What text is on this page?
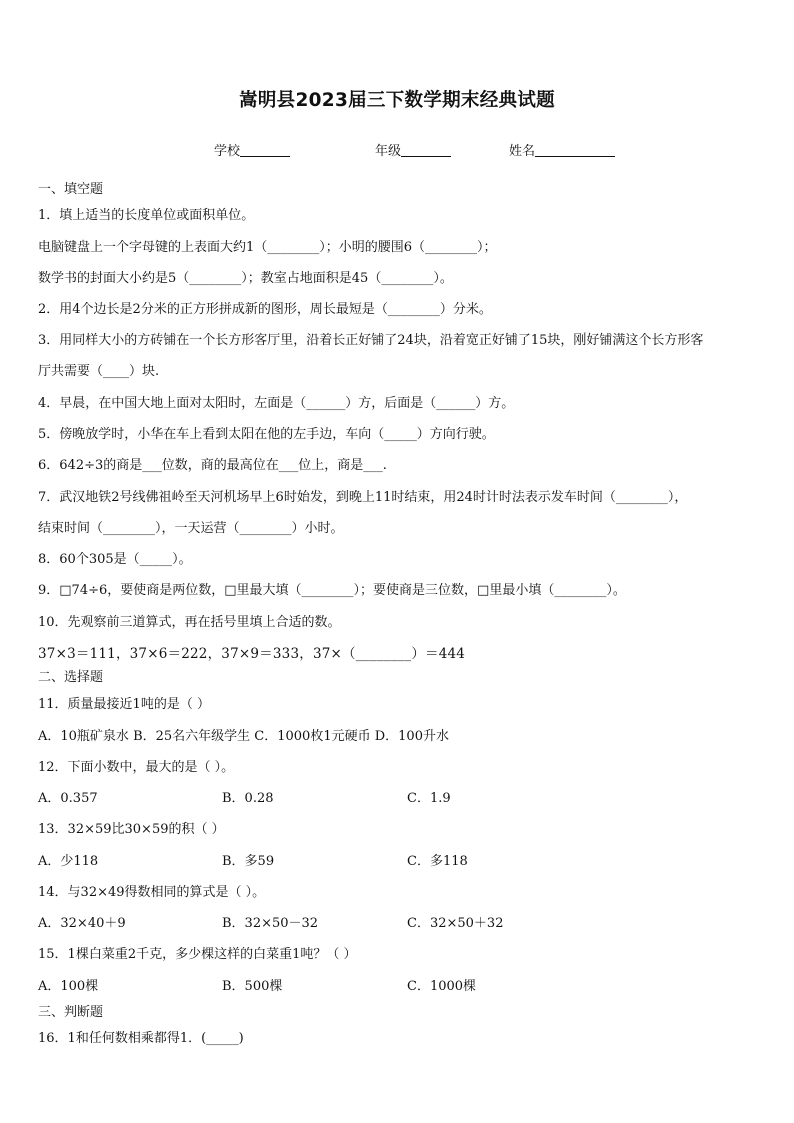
嵩明县2023届三下数学期末经典试题
学校	年级	姓名
一、填空题
1．填上适当的长度单位或面积单位。
电脑键盘上一个字母键的上表面大约1（________）；小明的腰围6（________）；
数学书的封面大小约是5（________）；教室占地面积是45（________）。
2．用4个边长是2分米的正方形拼成新的图形，周长最短是（________）分米。
3．用同样大小的方砖铺在一个长方形客厅里，沿着长正好铺了24块，沿着宽正好铺了15块，刚好铺满这个长方形客
厅共需要（____）块.
4．早晨，在中国大地上面对太阳时，左面是（______）方，后面是（______）方。
5．傍晚放学时，小华在车上看到太阳在他的左手边，车向（_____）方向行驶。
6．642÷3的商是___位数，商的最高位在___位上，商是___.
7．武汉地铁2号线佛祖岭至天河机场早上6时始发，到晚上11时结束，用24时计时法表示发车时间（________），
结束时间（________），一天运营（________）小时。
8．60个305是（_____）。
9．□74÷6，要使商是两位数，□里最大填（________）；要使商是三位数，□里最小填（________）。
10．先观察前三道算式，再在括号里填上合适的数。
37×3＝111，37×6＝222，37×9＝333，37×（________）＝444
二、选择题
11．质量最接近1吨的是（ ）
A．10瓶矿泉水 B．25名六年级学生 C．1000枚1元硬币 D．100升水
12．下面小数中，最大的是（ ）。
A．0.357	B．0.28	C．1.9
13．32×59比30×59的积（ ）
A．少118	B．多59	C．多118
14．与32×49得数相同的算式是（ ）。
A．32×40＋9	B．32×50－32	C．32×50＋32
15．1棵白菜重2千克，多少棵这样的白菜重1吨？（ ）
A．100棵	B．500棵	C．1000棵
三、判断题
16．1和任何数相乘都得1．(_____)
